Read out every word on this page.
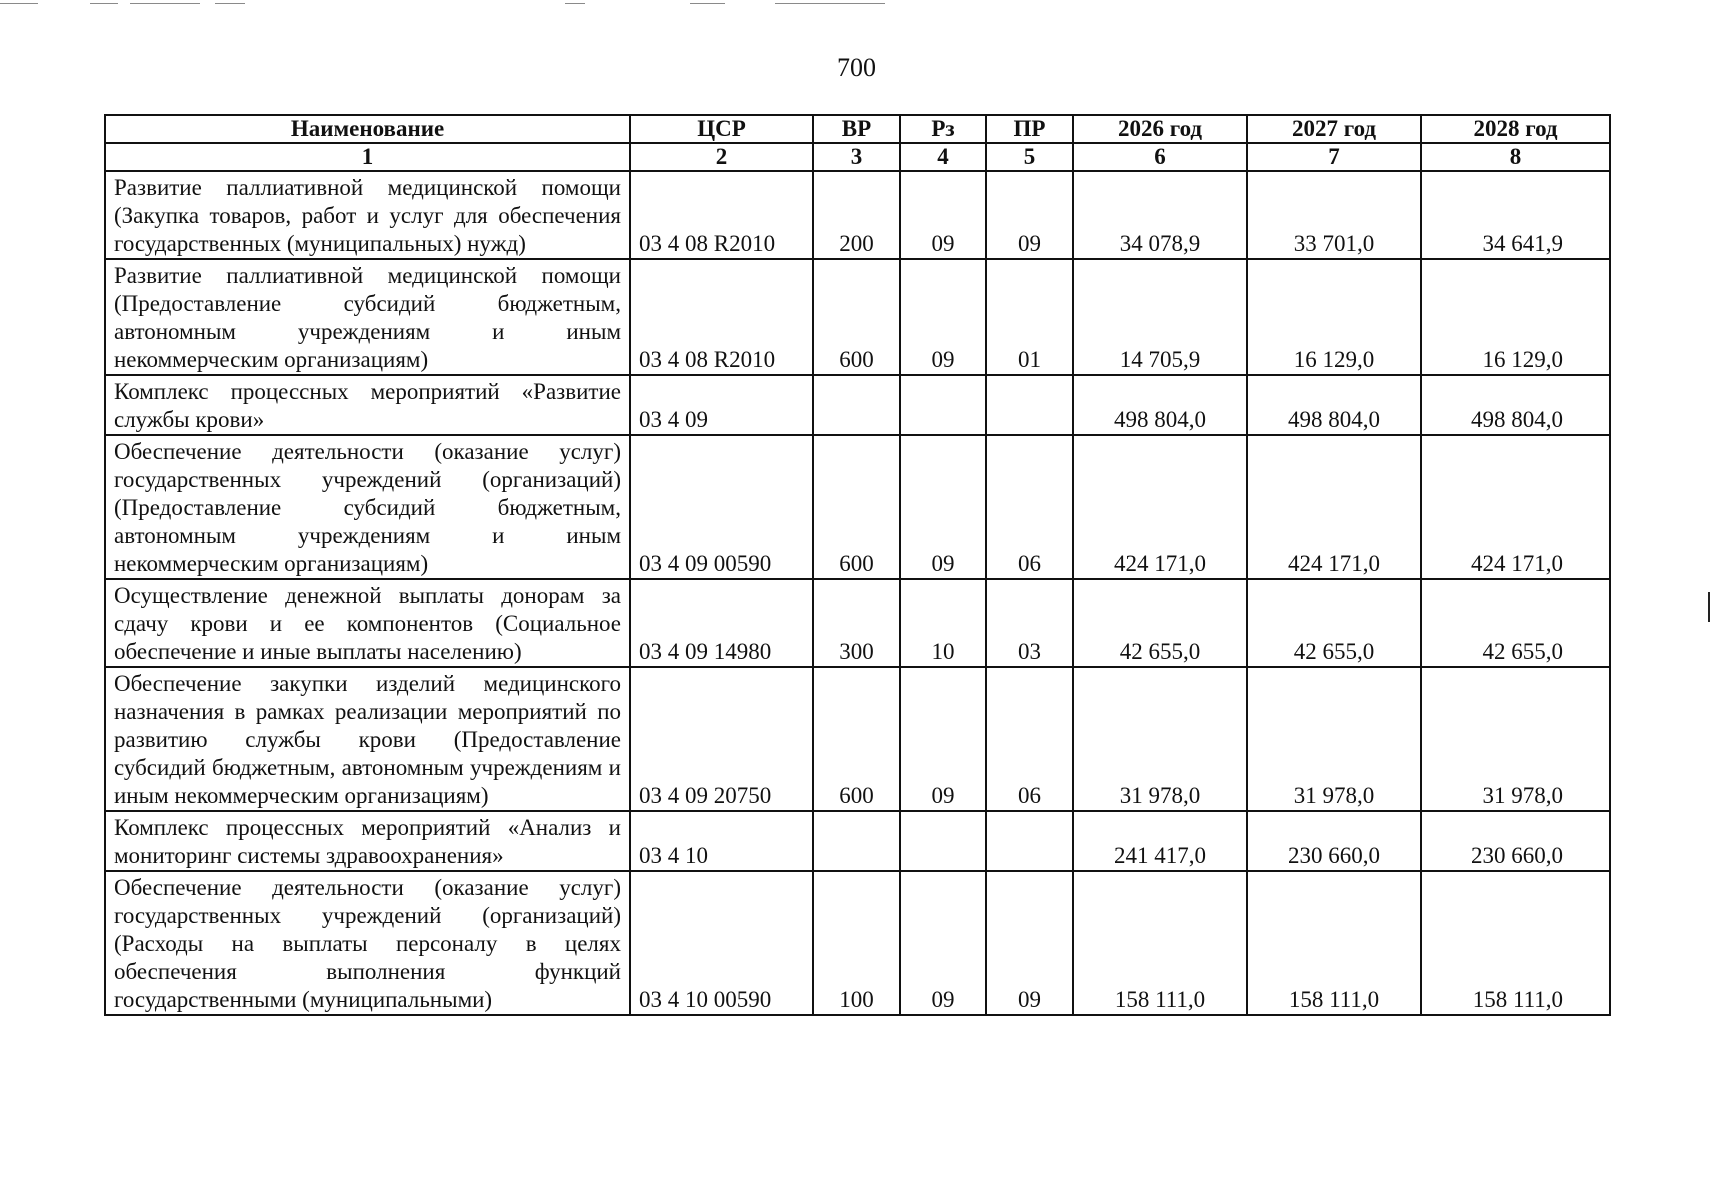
700
Наименование	ЦСР	ВР	Рз	ПР	2026 год	2027 год	2028 год
1	2	3	4	5	6	7	8
Развитие паллиативной медицинской помощи (Закупка товаров, работ и услуг для обеспечения государственных (муниципальных) нужд)	03 4 08 R2010	200	09	09	34 078,9	33 701,0	34 641,9
Развитие паллиативной медицинской помощи (Предоставление субсидий бюджетным, автономным учреждениям и иным некоммерческим организациям)	03 4 08 R2010	600	09	01	14 705,9	16 129,0	16 129,0
Комплекс процессных мероприятий «Развитие службы крови»	03 4 09				498 804,0	498 804,0	498 804,0
Обеспечение деятельности (оказание услуг) государственных учреждений (организаций) (Предоставление субсидий бюджетным, автономным учреждениям и иным некоммерческим организациям)	03 4 09 00590	600	09	06	424 171,0	424 171,0	424 171,0
Осуществление денежной выплаты донорам за сдачу крови и ее компонентов (Социальное обеспечение и иные выплаты населению)	03 4 09 14980	300	10	03	42 655,0	42 655,0	42 655,0
Обеспечение закупки изделий медицинского назначения в рамках реализации мероприятий по развитию службы крови (Предоставление субсидий бюджетным, автономным учреждениям и иным некоммерческим организациям)	03 4 09 20750	600	09	06	31 978,0	31 978,0	31 978,0
Комплекс процессных мероприятий «Анализ и мониторинг системы здравоохранения»	03 4 10				241 417,0	230 660,0	230 660,0
Обеспечение деятельности (оказание услуг) государственных учреждений (организаций) (Расходы на выплаты персоналу в целях обеспечения выполнения функций государственными (муниципальными)	03 4 10 00590	100	09	09	158 111,0	158 111,0	158 111,0
